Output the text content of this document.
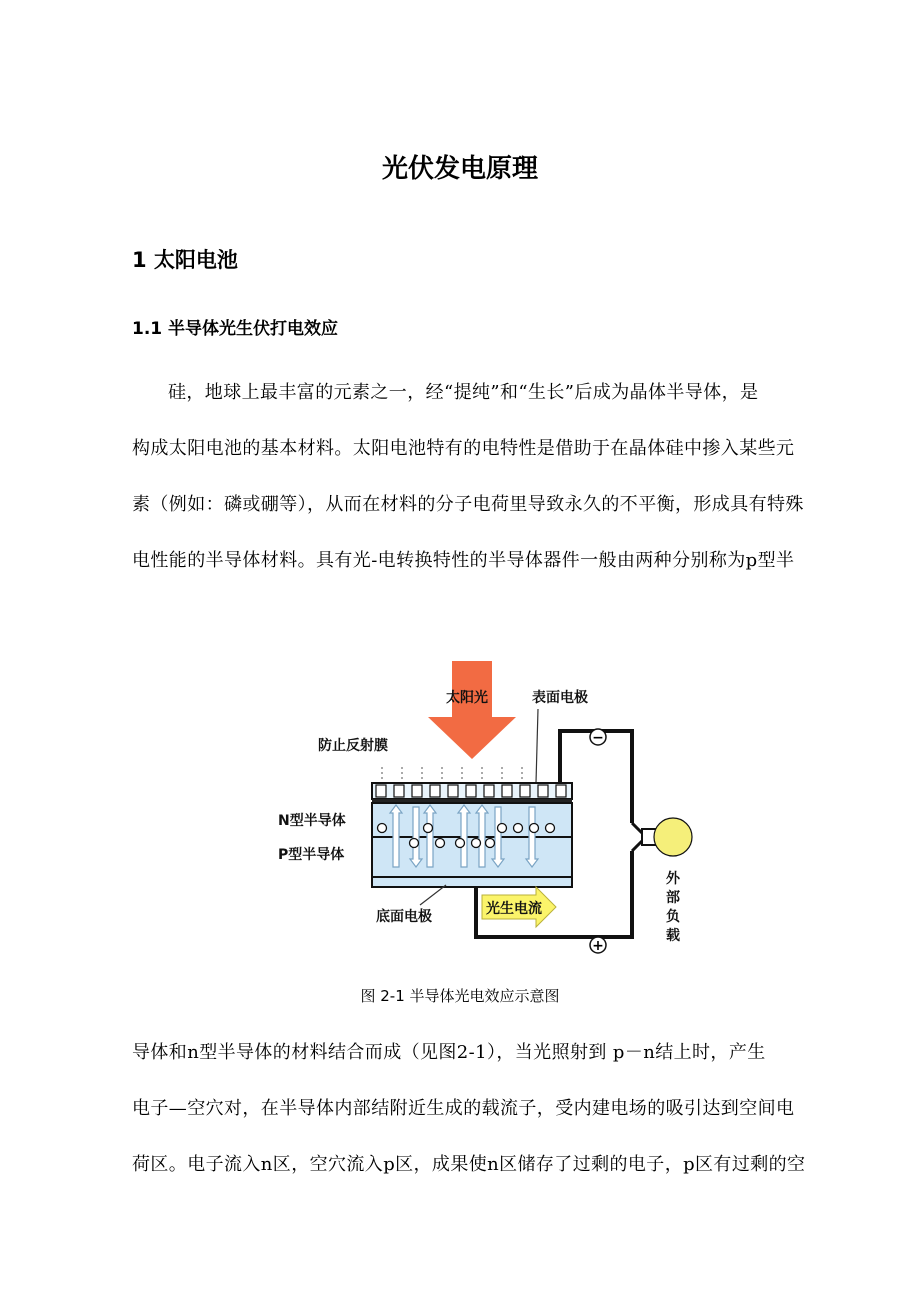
光伏发电原理
1 太阳电池
1.1 半导体光生伏打电效应

硅，地球上最丰富的元素之一，经“提纯”和“生长”后成为晶体半导体，是

构成太阳电池的基本材料。太阳电池特有的电特性是借助于在晶体硅中掺入某些元

素（例如：磷或硼等），从而在材料的分子电荷里导致永久的不平衡，形成具有特殊

电性能的半导体材料。具有光-电转换特性的半导体器件一般由两种分别称为p型半

太阳光	表面电极
防止反射膜
N型半导体
P型半导体
底面电极
−
+
外
部
负
载
光生电流

图 2-1 半导体光电效应示意图

导体和n型半导体的材料结合而成（见图2-1），当光照射到 p－n结上时，产生

电子—空穴对，在半导体内部结附近生成的载流子，受内建电场的吸引达到空间电

荷区。电子流入n区，空穴流入p区，成果使n区储存了过剩的电子，p区有过剩的空
